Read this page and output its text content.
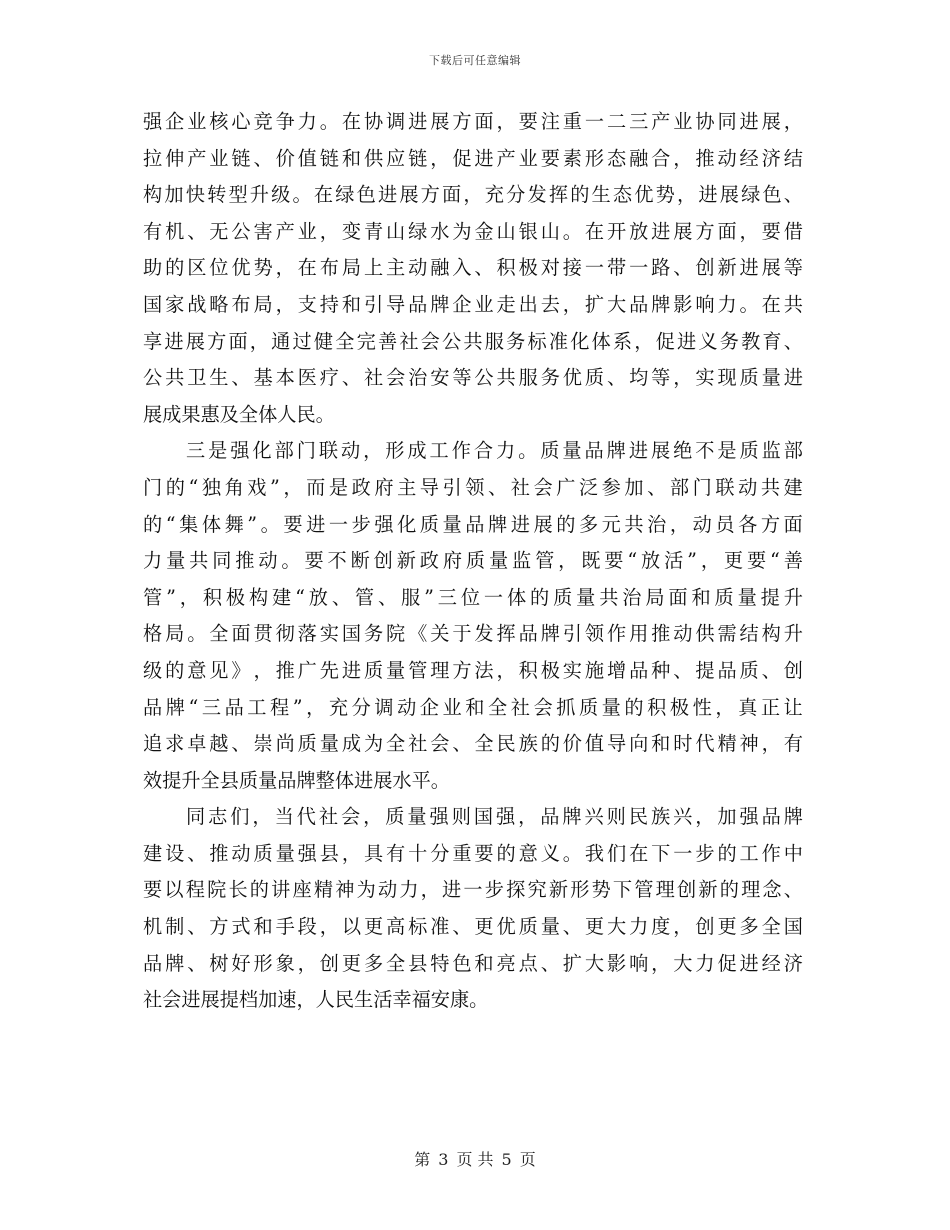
下载后可任意编辑
强 企 业 核 心 竞 争 力 。 在 协 调 进 展 方 面 ， 要 注 重 一 二 三 产 业 协 同 进 展 ，
拉 伸 产 业 链 、 价 值 链 和 供 应 链 ， 促 进 产 业 要 素 形 态 融 合 ， 推 动 经 济 结
构 加 快 转 型 升 级 。 在 绿 色 进 展 方 面 ， 充 分 发 挥 的 生 态 优 势 ， 进 展 绿 色 、
有 机 、 无 公 害 产 业 ， 变 青 山 绿 水 为 金 山 银 山 。 在 开 放 进 展 方 面 ， 要 借
助 的 区 位 优 势 ， 在 布 局 上 主 动 融 入 、 积 极 对 接 一 带 一 路 、 创 新 进 展 等
国 家 战 略 布 局 ， 支 持 和 引 导 品 牌 企 业 走 出 去 ， 扩 大 品 牌 影 响 力 。 在 共
享 进 展 方 面 ， 通 过 健 全 完 善 社 会 公 共 服 务 标 准 化 体 系 ， 促 进 义 务 教 育 、
公 共 卫 生 、 基 本 医 疗 、 社 会 治 安 等 公 共 服 务 优 质 、 均 等 ， 实 现 质 量 进
展成果惠及全体人民。
三 是 强 化 部 门 联 动 ， 形 成 工 作 合 力 。 质 量 品 牌 进 展 绝 不 是 质 监 部
门 的 “ 独 角 戏 ” ， 而 是 政 府 主 导 引 领 、 社 会 广 泛 参 加 、 部 门 联 动 共 建
的 “ 集 体 舞 ” 。 要 进 一 步 强 化 质 量 品 牌 进 展 的 多 元 共 治 ， 动 员 各 方 面
力 量 共 同 推 动 。 要 不 断 创 新 政 府 质 量 监 管 ， 既 要 “ 放 活 ” ， 更 要 “ 善
管 ” ， 积 极 构 建 “ 放 、 管 、 服 ” 三 位 一 体 的 质 量 共 治 局 面 和 质 量 提 升
格 局 。 全 面 贯 彻 落 实 国 务 院 《 关 于 发 挥 品 牌 引 领 作 用 推 动 供 需 结 构 升
级 的 意 见 》 ， 推 广 先 进 质 量 管 理 方 法 ， 积 极 实 施 增 品 种 、 提 品 质 、 创
品 牌 “ 三 品 工 程 ” ， 充 分 调 动 企 业 和 全 社 会 抓 质 量 的 积 极 性 ， 真 正 让
追 求 卓 越 、 崇 尚 质 量 成 为 全 社 会 、 全 民 族 的 价 值 导 向 和 时 代 精 神 ， 有
效提升全县质量品牌整体进展水平。
同 志 们 ， 当 代 社 会 ， 质 量 强 则 国 强 ， 品 牌 兴 则 民 族 兴 ， 加 强 品 牌
建 设 、 推 动 质 量 强 县 ， 具 有 十 分 重 要 的 意 义 。 我 们 在 下 一 步 的 工 作 中
要 以 程 院 长 的 讲 座 精 神 为 动 力 ， 进 一 步 探 究 新 形 势 下 管 理 创 新 的 理 念 、
机 制 、 方 式 和 手 段 ， 以 更 高 标 准 、 更 优 质 量 、 更 大 力 度 ， 创 更 多 全 国
品 牌 、 树 好 形 象 ， 创 更 多 全 县 特 色 和 亮 点 、 扩 大 影 响 ， 大 力 促 进 经 济
社会进展提档加速，人民生活幸福安康。
第 3 页 共 5 页
